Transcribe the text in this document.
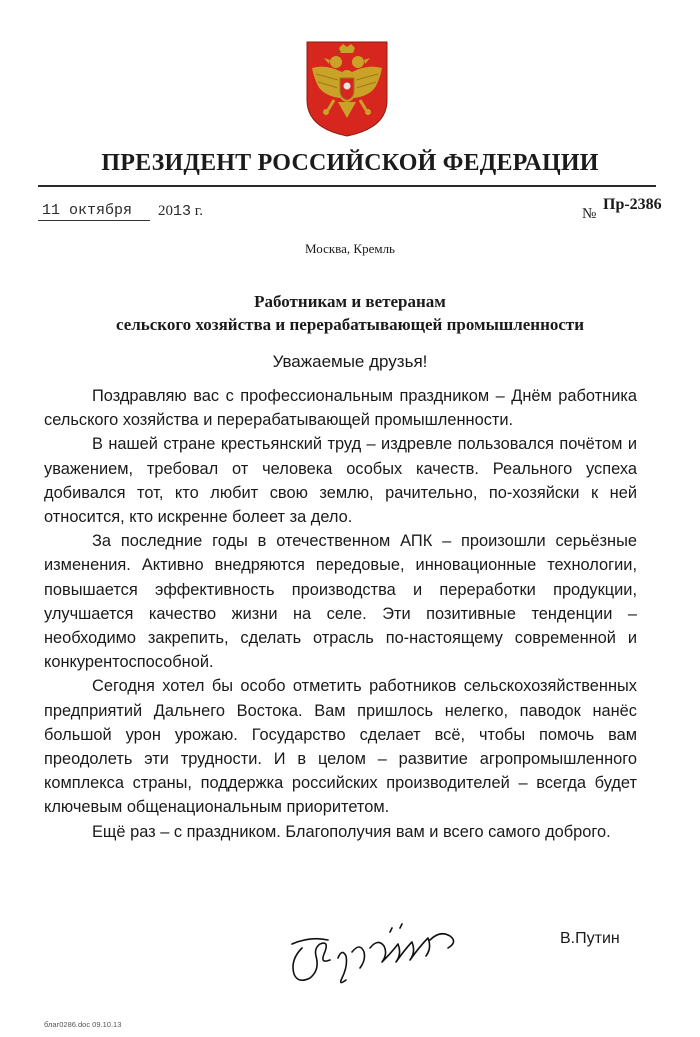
ПРЕЗИДЕНТ РОССИЙСКОЙ ФЕДЕРАЦИИ
11 октября 2013 г.	№
Пр-2386
Москва, Кремль
Работникам и ветеранам
сельского хозяйства и перерабатывающей промышленности
Уважаемые друзья!

Поздравляю вас с профессиональным праздником – Днём работника сельского хозяйства и перерабатывающей промышленности.

В нашей стране крестьянский труд – издревле пользовался почётом и уважением, требовал от человека особых качеств. Реального успеха добивался тот, кто любит свою землю, рачительно, по-хозяйски к ней относится, кто искренне болеет за дело.

За последние годы в отечественном АПК – произошли серьёзные изменения. Активно внедряются передовые, инновационные технологии, повышается эффективность производства и переработки продукции, улучшается качество жизни на селе. Эти позитивные тенденции – необходимо закрепить, сделать отрасль по-настоящему современной и конкурентоспособной.

Сегодня хотел бы особо отметить работников сельскохозяйственных предприятий Дальнего Востока. Вам пришлось нелегко, паводок нанёс большой урон урожаю. Государство сделает всё, чтобы помочь вам преодолеть эти трудности. И в целом – развитие агропромышленного комплекса страны, поддержка российских производителей – всегда будет ключевым общенациональным приоритетом.

Ещё раз – с праздником. Благополучия вам и всего самого доброго.

В.Путин
благ0286.doc 09.10.13
